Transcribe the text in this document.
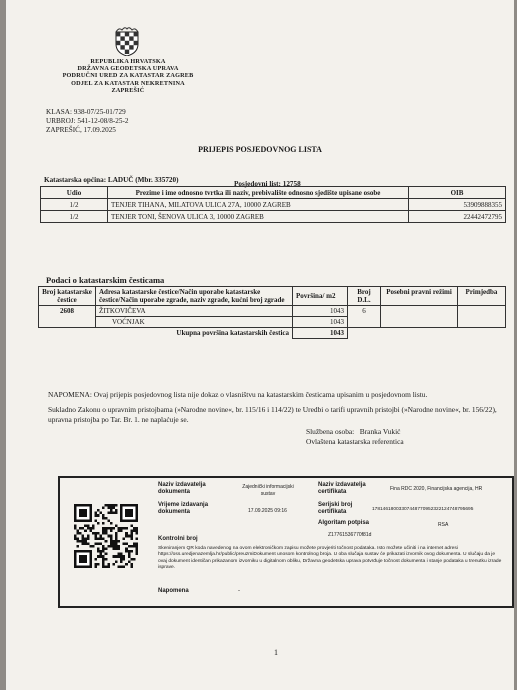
REPUBLIKA HRVATSKA
DRŽAVNA GEODETSKA UPRAVA
PODRUČNI URED ZA KATASTAR ZAGREB
ODJEL ZA KATASTAR NEKRETNINA
ZAPREŠIĆ
KLASA: 938-07/25-01/729
URBROJ: 541-12-08/8-25-2
ZAPREŠIĆ, 17.09.2025
PRIJEPIS POSJEDOVNOG LISTA
Katastarska općina: LADUČ (Mbr. 335720)	Posjedovni list: 12758
Udio	Prezime i ime odnosno tvrtka ili naziv, prebivalište odnosno sjedište upisane osobe	OIB
1/2	TENJER TIHANA, MILATOVA ULICA 27A, 10000 ZAGREB	53909888355
1/2	TENJER TONI, ŠENOVA ULICA 3, 10000 ZAGREB	22442472795
Podaci o katastarskim česticama
Broj katastarske čestice	Adresa katastarske čestice/Način uporabe katastarske čestice/Način uporabe zgrade, naziv zgrade, kućni broj zgrade	Površina/ m2	Broj D.L.	Posebni pravni režimi	Primjedba
2608	ŽITKOVIČEVA	1043	6		
	VOĆNJAK	1043			
	Ukupna površina katastarskih čestica	1043			
NAPOMENA: Ovaj prijepis posjedovnog lista nije dokaz o vlasništvu na katastarskim česticama upisanim u posjedovnom listu.
Sukladno Zakonu o upravnim pristojbama (»Narodne novine«, br. 115/16 i 114/22) te Uredbi o tarifi upravnih pristojbi (»Narodne novine«, br. 156/22), upravna pristojba po Tar. Br. 1. ne naplaćuje se.
Službena osoba: Branka Vukić
Ovlaštena katastarska referentica
Naziv izdavatelja dokumenta
Zajednički informacijski sustav
Vrijeme izdavanja dokumenta	17.09.2025 09:16
Naziv izdavatelja certifikata	Fina RDC 2020, Financijska agencija, HR
Serijski broj certifikata	17814618003307448770952322124748795695
Algoritam potpisa	RSA
Kontrolni broj
Z17761536770f81d
Skeniranjem QR koda navedenog na ovom elektroničkom zapisu možete provjeriti točnost podataka. Isto možete učiniti i na internet adresi https://oss.uredjenazemlja.hr/public/preuzmiDokument unosom kontrolnog broja. U oba slučaja sustav će prikazati izvornik ovog dokumenta. U slučaju da je ovaj dokument identičan prikazanom izvorniku u digitalnom obliku, Državna geodetska uprava potvrđuje točnost dokumenta i stanje podataka u trenutku izrade isprave.
Napomena	-
1
